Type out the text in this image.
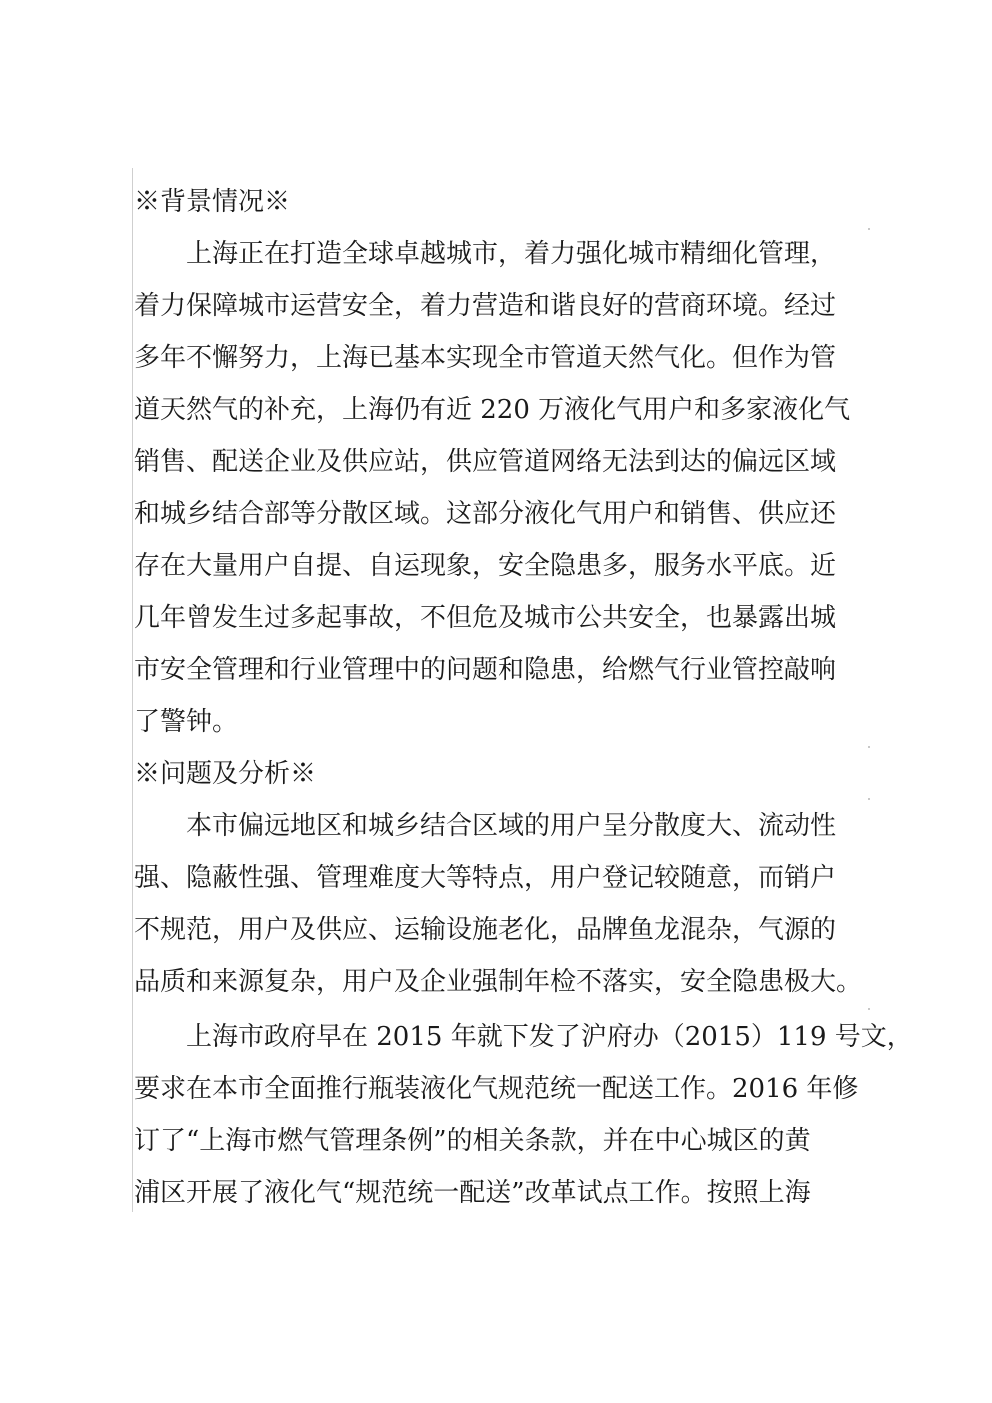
※背景情况※

上海正在打造全球卓越城市，着力强化城市精细化管理，

着力保障城市运营安全，着力营造和谐良好的营商环境。经过

多年不懈努力，上海已基本实现全市管道天然气化。但作为管

道天然气的补充，上海仍有近 220 万液化气用户和多家液化气

销售、配送企业及供应站，供应管道网络无法到达的偏远区域

和城乡结合部等分散区域。这部分液化气用户和销售、供应还

存在大量用户自提、自运现象，安全隐患多，服务水平底。近

几年曾发生过多起事故，不但危及城市公共安全，也暴露出城

市安全管理和行业管理中的问题和隐患，给燃气行业管控敲响

了警钟。

※问题及分析※

本市偏远地区和城乡结合区域的用户呈分散度大、流动性

强、隐蔽性强、管理难度大等特点，用户登记较随意，而销户

不规范，用户及供应、运输设施老化，品牌鱼龙混杂，气源的

品质和来源复杂，用户及企业强制年检不落实，安全隐患极大。

上海市政府早在 2015 年就下发了沪府办（2015）119 号文，

要求在本市全面推行瓶装液化气规范统一配送工作。2016 年修

订了“上海市燃气管理条例”的相关条款，并在中心城区的黄

浦区开展了液化气“规范统一配送”改革试点工作。按照上海
